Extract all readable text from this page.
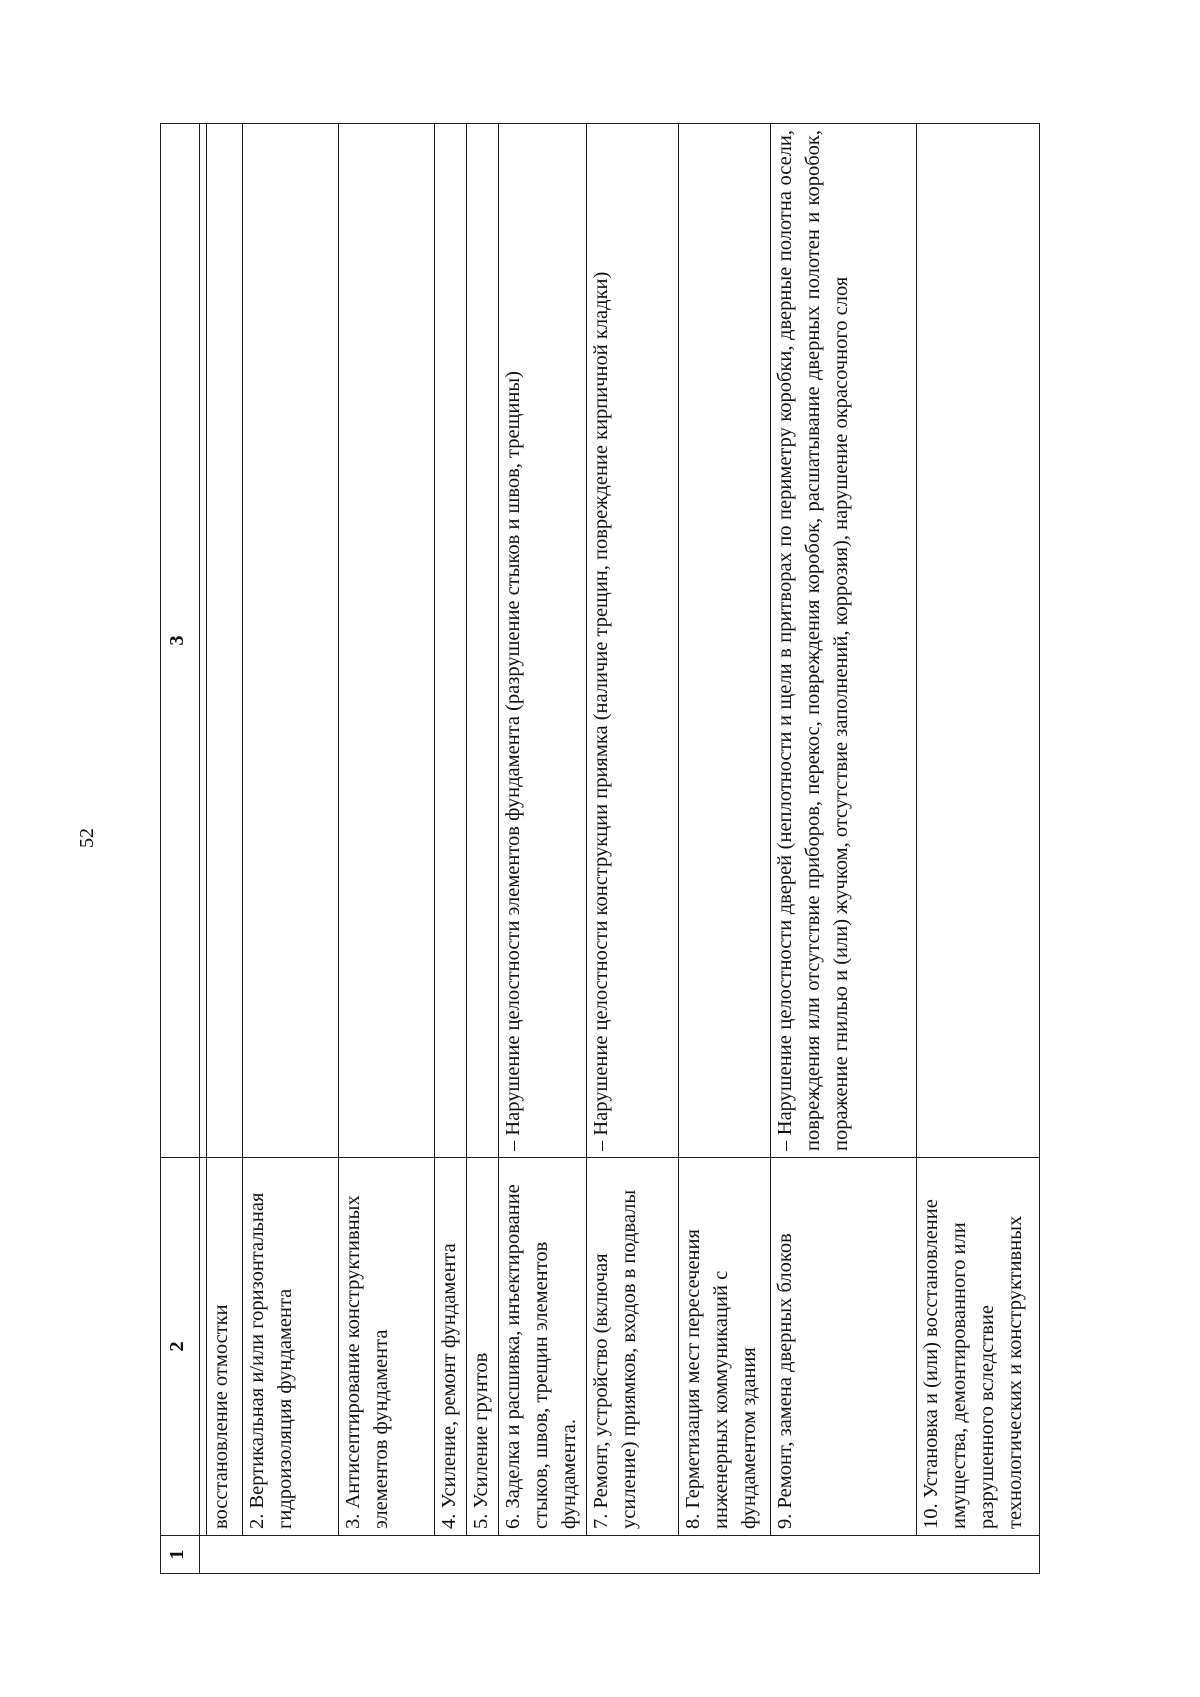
52
1	2	3

	восстановление отмостки	
	2. Вертикальная и/или горизонтальная гидроизоляция фундамента	
	3. Антисептирование конструктивных элементов фундамента	
	4. Усиление, ремонт фундамента	
	5. Усиление грунтов	
	6. Заделка и расшивка, инъектирование стыков, швов, трещин элементов фундамента.	– Нарушение целостности элементов фундамента (разрушение стыков и швов, трещины)
	7. Ремонт, устройство (включая усиление) приямков, входов в подвалы	– Нарушение целостности конструкции приямка (наличие трещин, повреждение кирпичной кладки)
	8. Герметизация мест пересечения инженерных коммуникаций с фундаментом здания	
	9. Ремонт, замена дверных блоков	– Нарушение целостности дверей (неплотности и щели в притворах по периметру коробки, дверные полотна осели, повреждения или отсутствие приборов, перекос, повреждения коробок, расшатывание дверных полотен и коробок, поражение гнилью и (или) жучком, отсутствие заполнений, коррозия), нарушение окрасочного слоя
	10. Установка и (или) восстановление имущества, демонтированного или разрушенного вследствие технологических и конструктивных	
